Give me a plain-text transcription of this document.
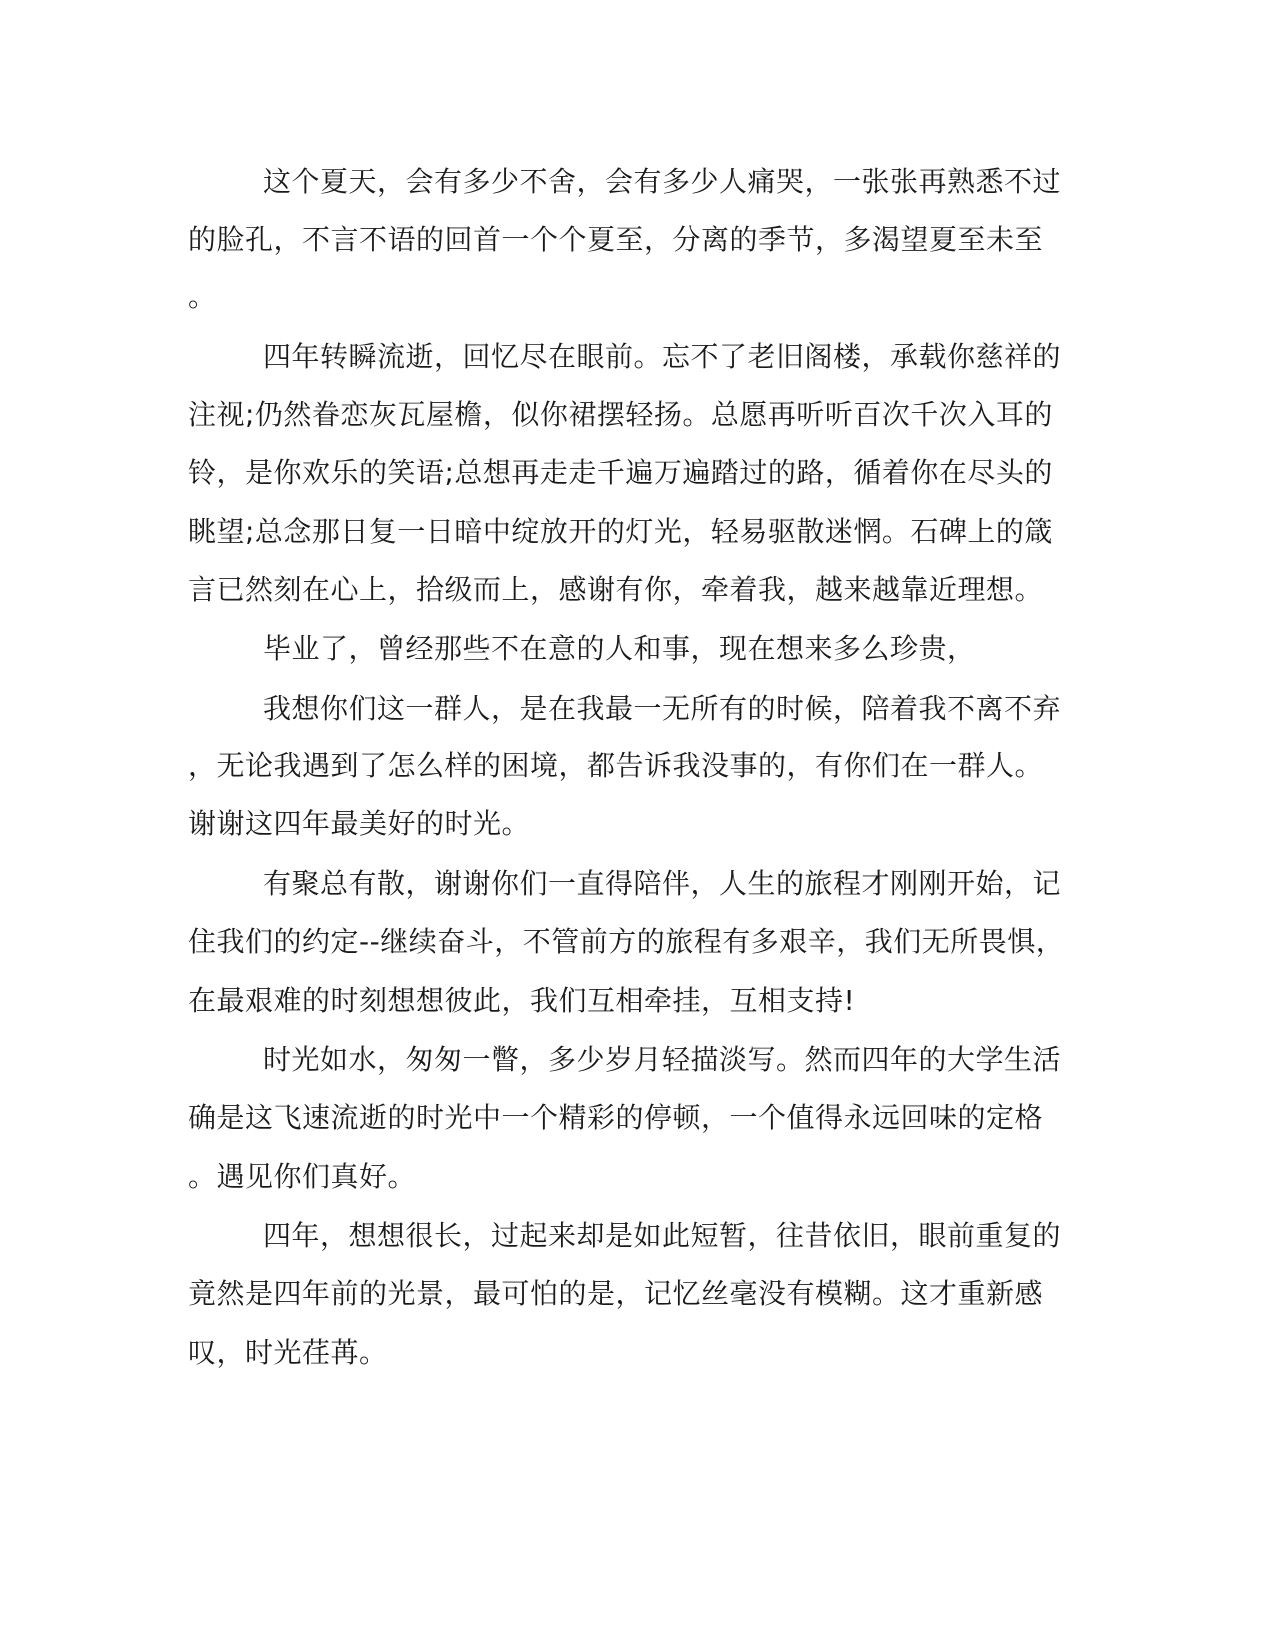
这个夏天，会有多少不舍，会有多少人痛哭，一张张再熟悉不过
的脸孔，不言不语的回首一个个夏至，分离的季节，多渴望夏至未至
。
四年转瞬流逝，回忆尽在眼前。忘不了老旧阁楼，承载你慈祥的
注视;仍然眷恋灰瓦屋檐，似你裙摆轻扬。总愿再听听百次千次入耳的
铃，是你欢乐的笑语;总想再走走千遍万遍踏过的路，循着你在尽头的
眺望;总念那日复一日暗中绽放开的灯光，轻易驱散迷惘。石碑上的箴
言已然刻在心上，拾级而上，感谢有你，牵着我，越来越靠近理想。
毕业了，曾经那些不在意的人和事，现在想来多么珍贵，
我想你们这一群人，是在我最一无所有的时候，陪着我不离不弃
，无论我遇到了怎么样的困境，都告诉我没事的，有你们在一群人。
谢谢这四年最美好的时光。
有聚总有散，谢谢你们一直得陪伴，人生的旅程才刚刚开始，记
住我们的约定--继续奋斗，不管前方的旅程有多艰辛，我们无所畏惧，
在最艰难的时刻想想彼此，我们互相牵挂，互相支持!
时光如水，匆匆一瞥，多少岁月轻描淡写。然而四年的大学生活
确是这飞速流逝的时光中一个精彩的停顿，一个值得永远回味的定格
。遇见你们真好。
四年，想想很长，过起来却是如此短暂，往昔依旧，眼前重复的
竟然是四年前的光景，最可怕的是，记忆丝毫没有模糊。这才重新感
叹，时光荏苒。
